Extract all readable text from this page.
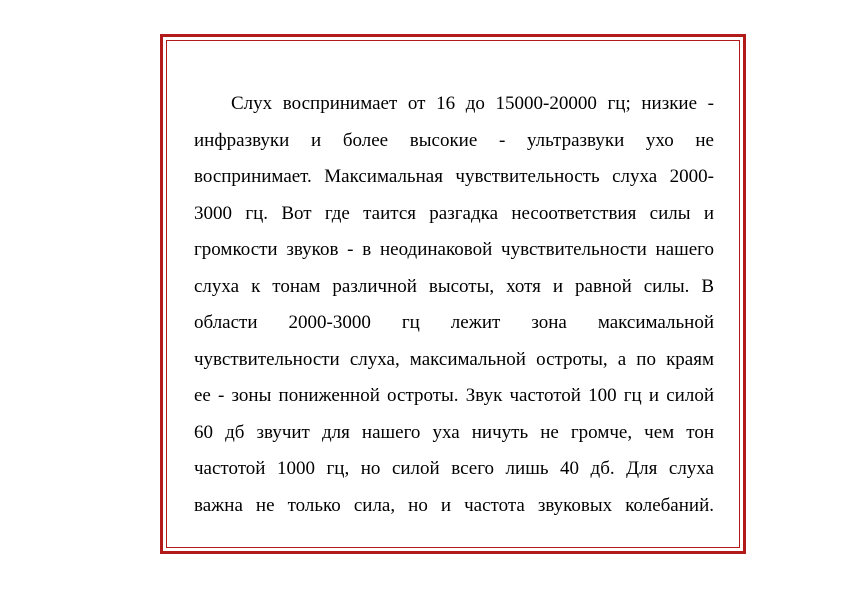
Слух воспринимает от 16 до 15000-20000 гц; низкие -
инфразвуки и более высокие - ультразвуки ухо не
воспринимает. Максимальная чувствительность слуха 2000-
3000 гц. Вот где таится разгадка несоответствия силы и
громкости звуков - в неодинаковой чувствительности нашего
слуха к тонам различной высоты, хотя и равной силы. В
области 2000-3000 гц лежит зона максимальной
чувствительности слуха, максимальной остроты, а по краям
ее - зоны пониженной остроты. Звук частотой 100 гц и силой
60 дб звучит для нашего уха ничуть не громче, чем тон
частотой 1000 гц, но силой всего лишь 40 дб. Для слуха
важна не только сила, но и частота звуковых колебаний.
